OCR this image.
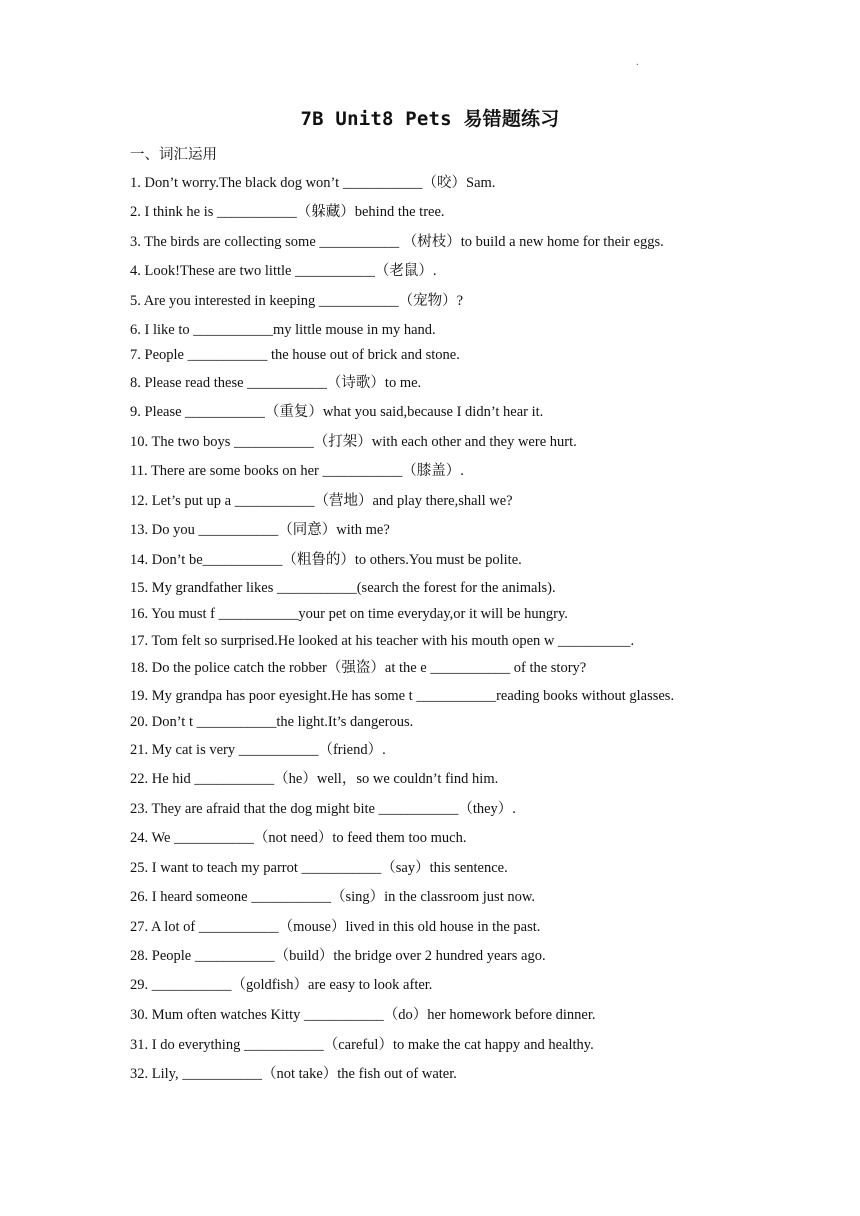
.
7B Unit8 Pets 易错题练习
一、词汇运用
1. Don’t worry.The black dog won’t ___________（咬）Sam.
2. I think he is ___________（躲藏）behind the tree.
3. The birds are collecting some ___________ （树枝）to build a new home for their eggs.
4. Look!These are two little ___________（老鼠）.
5. Are you interested in keeping ___________（宠物）?
6. I like to ___________my little mouse in my hand.
7. People ___________ the house out of brick and stone.
8. Please read these ___________（诗歌）to me.
9. Please ___________（重复）what you said,because I didn’t hear it.
10. The two boys ___________（打架）with each other and they were hurt.
11. There are some books on her ___________（膝盖）.
12. Let’s put up a ___________（营地）and play there,shall we?
13. Do you ___________（同意）with me?
14. Don’t be___________（粗鲁的）to others.You must be polite.
15. My grandfather likes ___________(search the forest for the animals).
16. You must f ___________your pet on time everyday,or it will be hungry.
17. Tom felt so surprised.He looked at his teacher with his mouth open w __________.
18. Do the police catch the robber（强盗）at the e ___________ of the story?
19. My grandpa has poor eyesight.He has some t ___________reading books without glasses.
20. Don’t t ___________the light.It’s dangerous.
21. My cat is very ___________（friend）.
22. He hid ___________（he）well，so we couldn’t find him.
23. They are afraid that the dog might bite ___________（they）.
24. We ___________（not need）to feed them too much.
25. I want to teach my parrot ___________（say）this sentence.
26. I heard someone ___________（sing）in the classroom just now.
27. A lot of ___________（mouse）lived in this old house in the past.
28. People ___________（build）the bridge over 2 hundred years ago.
29. ___________（goldfish）are easy to look after.
30. Mum often watches Kitty ___________（do）her homework before dinner.
31. I do everything ___________（careful）to make the cat happy and healthy.
32. Lily, ___________（not take）the fish out of water.
